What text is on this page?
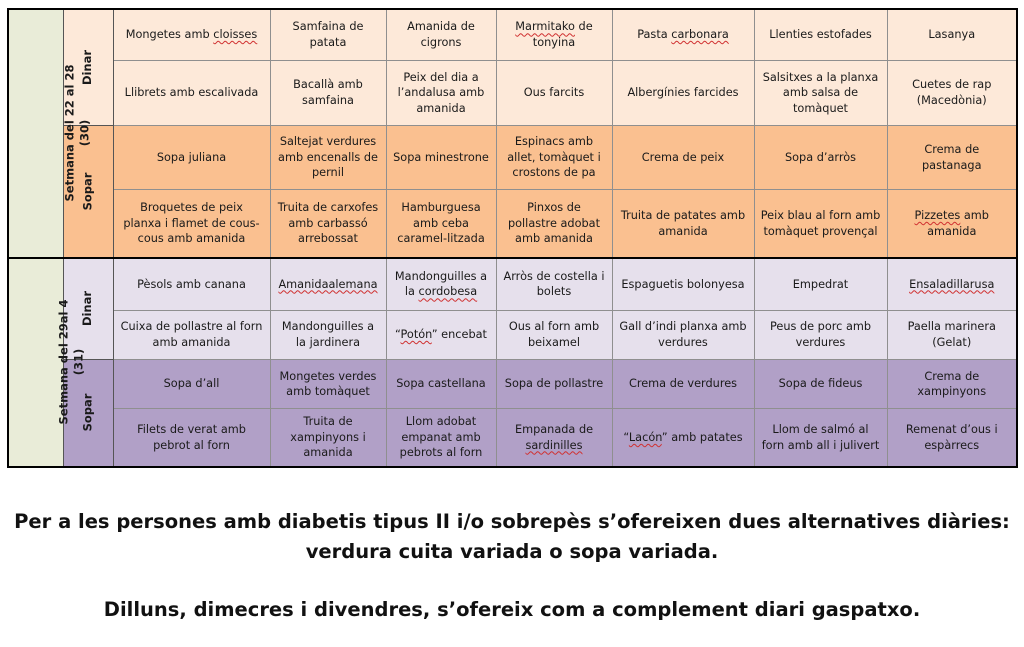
Setmana del 22 al 28 (30)	Dinar	Mongetes amb cloisses	Samfaina de patata	Amanida de cigrons	Marmitako de tonyina	Pasta carbonara	Llenties estofades	Lasanya
		Llibrets amb escalivada	Bacallà amb samfaina	Peix del dia a l’andalusa amb amanida	Ous farcits	Albergínies farcides	Salsitxes a la planxa amb salsa de tomàquet	Cuetes de rap (Macedònia)

	Sopar	Sopa juliana	Saltejat verdures amb encenalls de pernil	Sopa minestrone	Espinacs amb allet, tomàquet i crostons de pa	Crema de peix	Sopa d’arròs	Crema de pastanaga
		Broquetes de peix planxa i flamet de cous-cous amb amanida	Truita de carxofes amb carbassó arrebossat	Hamburguesa amb ceba caramel-litzada	Pinxos de pollastre adobat amb amanida	Truita de patates amb amanida	Peix blau al forn amb tomàquet provençal	Pizzetes amb amanida

Setmana del 29al 4 (31)	Dinar	Pèsols amb canana	Amanidaalemana	Mandonguilles a la cordobesa	Arròs de costella i bolets	Espaguetis bolonyesa	Empedrat	Ensaladillarusa
		Cuixa de pollastre al forn amb amanida	Mandonguilles a la jardinera	“Potón” encebat	Ous al forn amb beixamel	Gall d’indi planxa amb verdures	Peus de porc amb verdures	Paella marinera (Gelat)

	Sopar	Sopa d’all	Mongetes verdes amb tomàquet	Sopa castellana	Sopa de pollastre	Crema de verdures	Sopa de fideus	Crema de xampinyons
		Filets de verat amb pebrot al forn	Truita de xampinyons i amanida	Llom adobat empanat amb pebrots al forn	Empanada de sardinilles	“Lacón” amb patates	Llom de salmó al forn amb all i julivert	Remenat d’ous i espàrrecs
Per a les persones amb diabetis tipus II i/o sobrepès s’ofereixen dues alternatives diàries: verdura cuita variada o sopa variada.
Dilluns, dimecres i divendres, s’ofereix com a complement diari gaspatxo.
